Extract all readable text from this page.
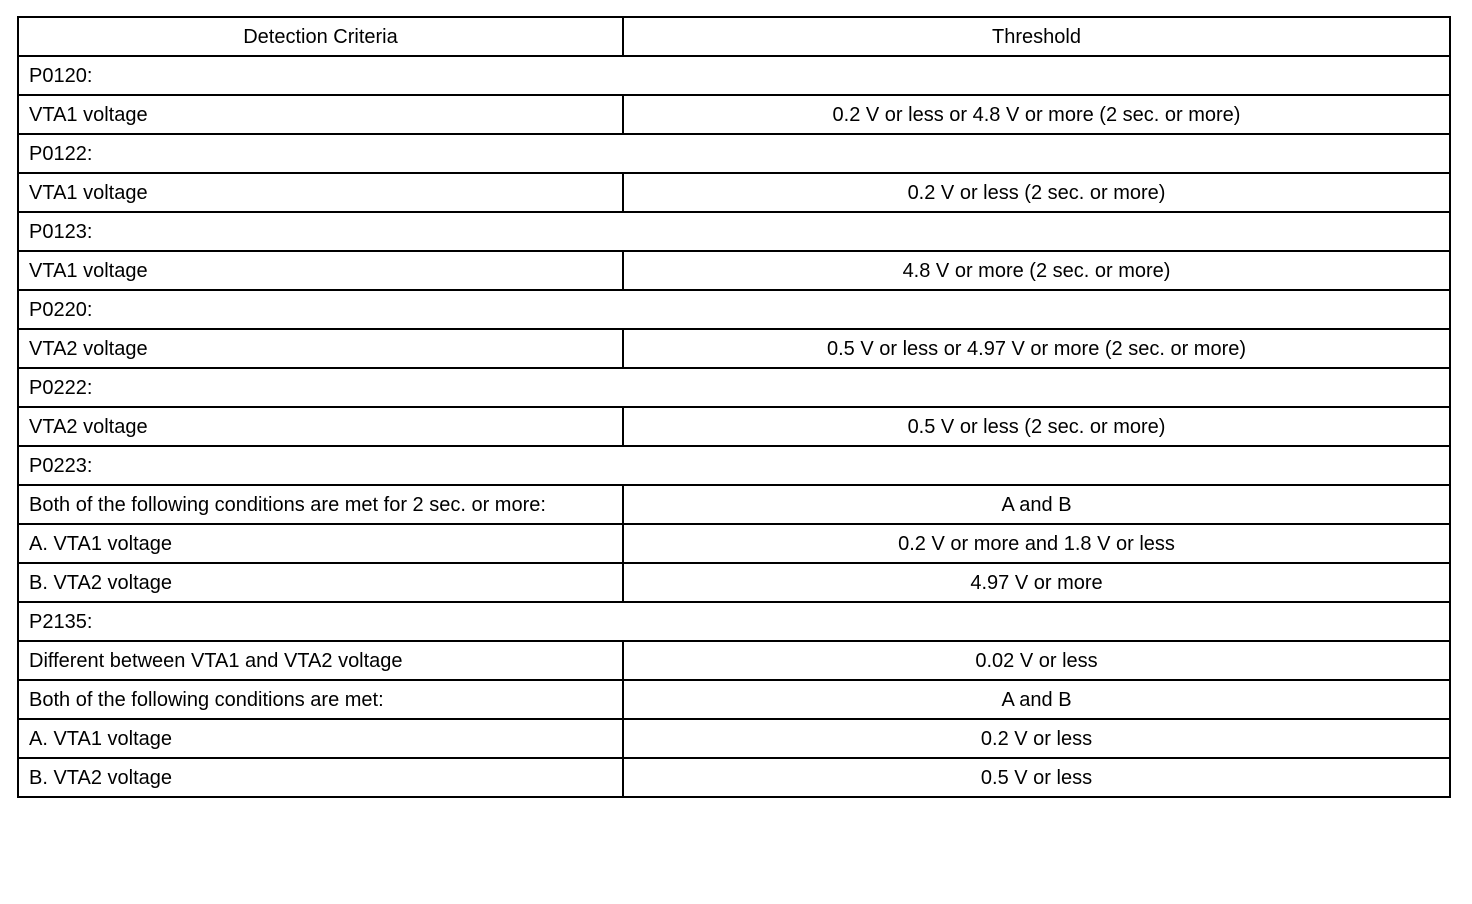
Detection Criteria	Threshold
P0120:	
VTA1 voltage	0.2 V or less or 4.8 V or more (2 sec. or more)
P0122:	
VTA1 voltage	0.2 V or less (2 sec. or more)
P0123:	
VTA1 voltage	4.8 V or more (2 sec. or more)
P0220:	
VTA2 voltage	0.5 V or less or 4.97 V or more (2 sec. or more)
P0222:	
VTA2 voltage	0.5 V or less (2 sec. or more)
P0223:	
Both of the following conditions are met for 2 sec. or more:	A and B
A. VTA1 voltage	0.2 V or more and 1.8 V or less
B. VTA2 voltage	4.97 V or more
P2135:	
Different between VTA1 and VTA2 voltage	0.02 V or less
Both of the following conditions are met:	A and B
A. VTA1 voltage	0.2 V or less
B. VTA2 voltage	0.5 V or less
